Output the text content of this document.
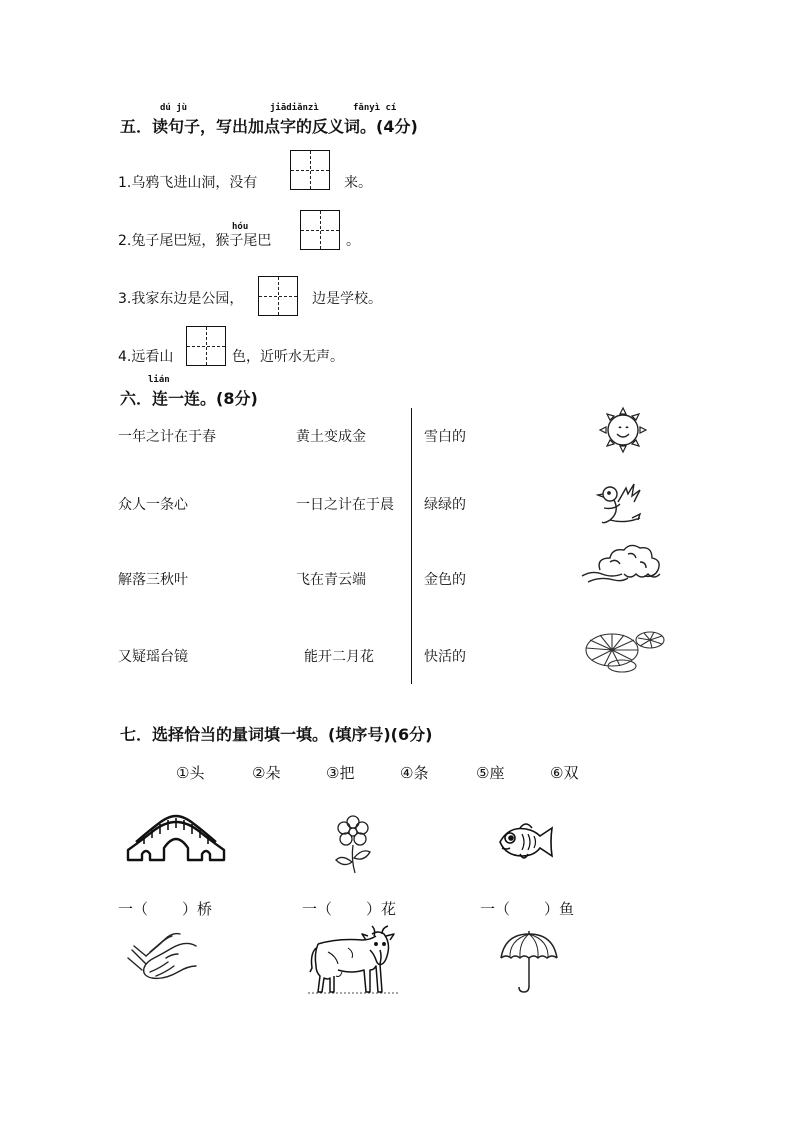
dú jù	jiādiǎnzì	fǎnyì cí
五．读句子，写出加点字的反义词。(4分)
1.乌鸦飞进山洞，没有	来。
hóu
2.兔子尾巴短，猴子尾巴	。
3.我家东边是公园，	边是学校。
4.远看山	色，近听水无声。
lián
六．连一连。(8分)
一年之计在于春
众人一条心
解落三秋叶
又疑瑶台镜
黄土变成金
一日之计在于晨
飞在青云端
能开二月花
雪白的
绿绿的
金色的
快活的
七．选择恰当的量词填一填。(填序号)(6分)
①头	②朵	③把	④条	⑤座	⑥双
一（ ）桥	一（ ）花	一（ ）鱼
